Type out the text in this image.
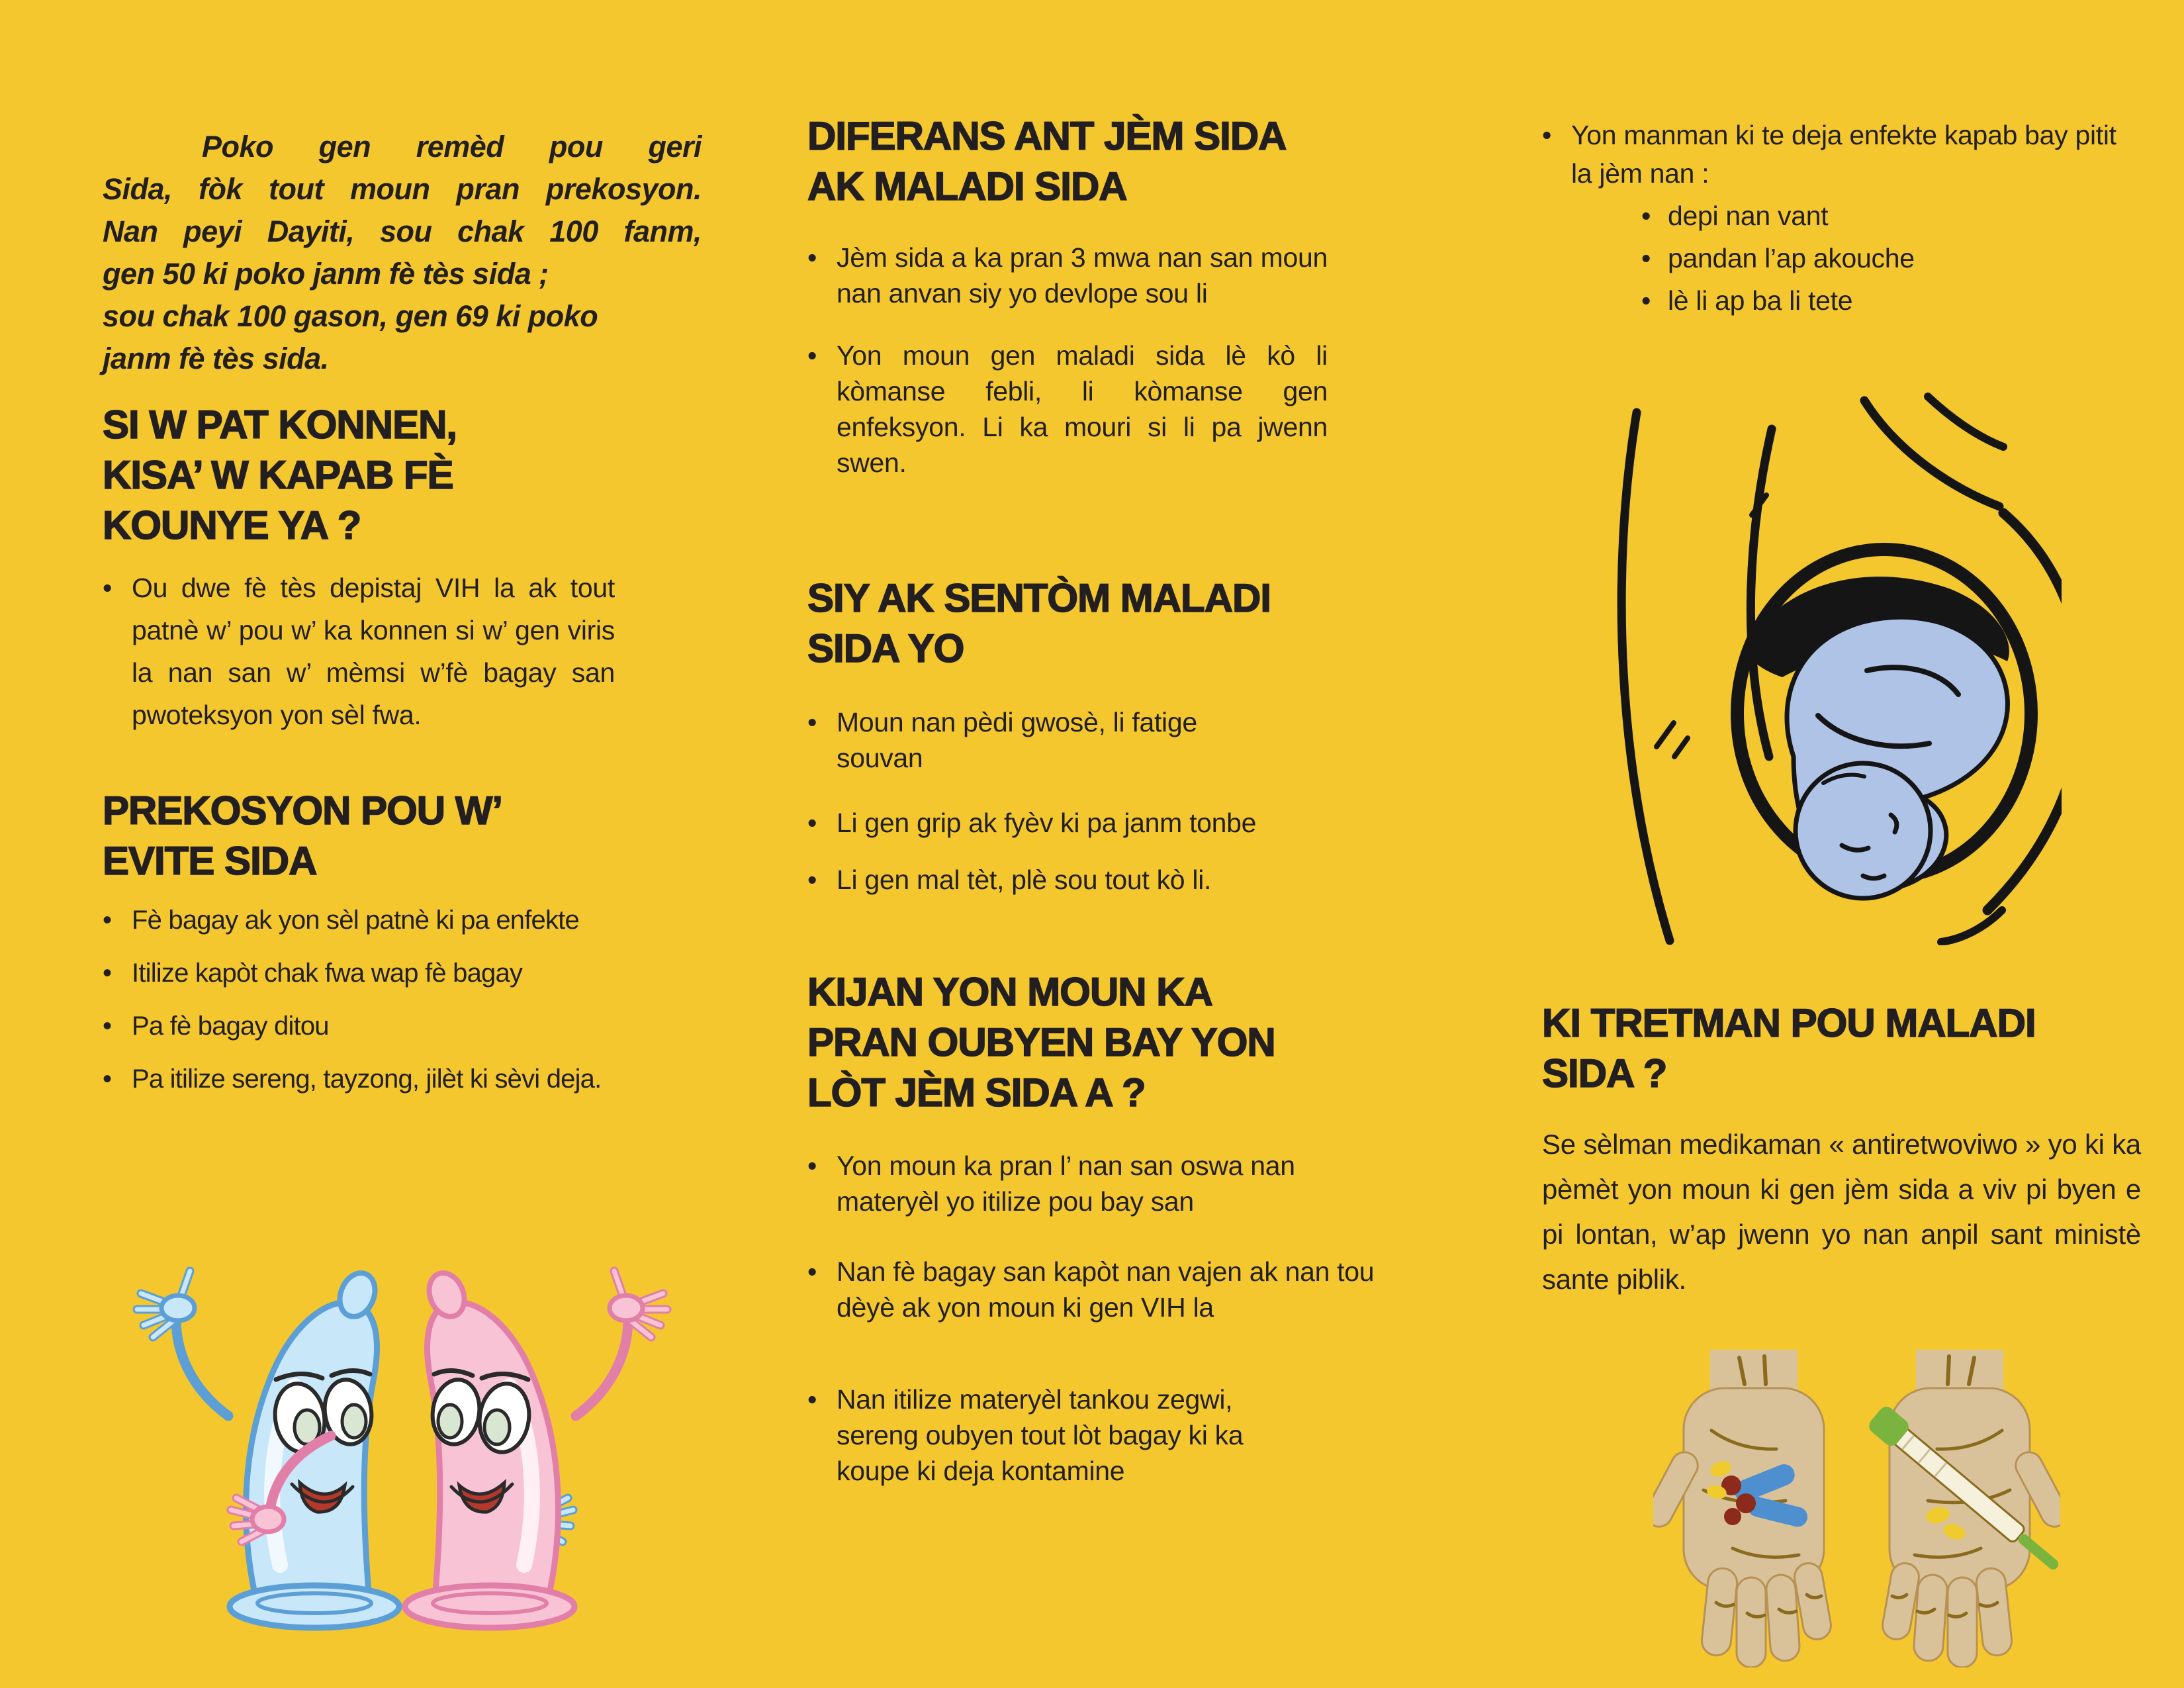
Poko gen remèd pou geri
Sida, fòk tout moun pran prekosyon.
Nan peyi Dayiti, sou chak 100 fanm,
gen 50 ki poko janm fè tès sida ;
sou chak 100 gason, gen 69 ki poko
janm fè tès sida.
SI W PAT KONNEN,
KISA’ W KAPAB FÈ
KOUNYE YA ?
• Ou dwe fè tès depistaj VIH la ak tout patnè w’ pou w’ ka konnen si w’ gen viris la nan san w’ mèmsi w’fè bagay san pwoteksyon yon sèl fwa.
PREKOSYON POU W’
EVITE SIDA
• Fè bagay ak yon sèl patnè ki pa enfekte
• Itilize kapòt chak fwa wap fè bagay
• Pa fè bagay ditou
• Pa itilize sereng, tayzong, jilèt ki sèvi deja.
DIFERANS ANT JÈM SIDA
AK MALADI SIDA
• Jèm sida a ka pran 3 mwa nan san moun nan anvan siy yo devlope sou li
• Yon moun gen maladi sida lè kò li kòmanse febli, li kòmanse gen enfeksyon. Li ka mouri si li pa jwenn swen.
SIY AK SENTÒM MALADI
SIDA YO
• Moun nan pèdi gwosè, li fatige souvan
• Li gen grip ak fyèv ki pa janm tonbe
• Li gen mal tèt, plè sou tout kò li.
KIJAN YON MOUN KA
PRAN OUBYEN BAY YON
LÒT JÈM SIDA A ?
• Yon moun ka pran l’ nan san oswa nan materyèl yo itilize pou bay san
• Nan fè bagay san kapòt nan vajen ak nan tou dèyè ak yon moun ki gen VIH la
• Nan itilize materyèl tankou zegwi, sereng oubyen tout lòt bagay ki ka koupe ki deja kontamine
• Yon manman ki te deja enfekte kapab bay pitit la jèm nan :
• depi nan vant
• pandan l’ap akouche
• lè li ap ba li tete
KI TRETMAN POU MALADI
SIDA ?

Se sèlman medikaman « antiretwoviwo » yo ki ka pèmèt yon moun ki gen jèm sida a viv pi byen e pi lontan, w’ap jwenn yo nan anpil sant ministè sante piblik.
